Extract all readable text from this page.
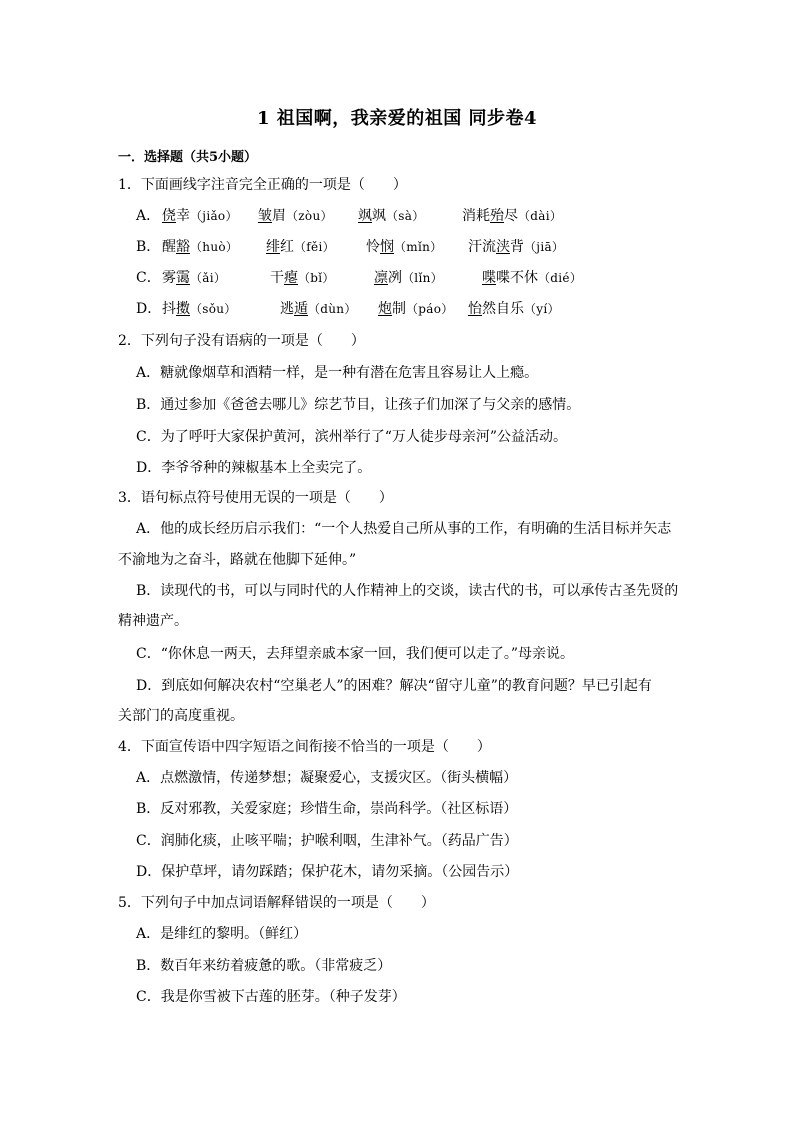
1 祖国啊，我亲爱的祖国 同步卷4
一．选择题（共5小题）
1．下面画线字注音完全正确的一项是（　　）
A． 侥幸（jiǎo） 皱眉（zòu） 飒飒（sà）	消耗殆尽（dài）
B． 醒豁（huò） 绯红（fěi） 怜悯（mǐn） 汗流浃背（jiā）
C． 雾霭（ǎi）	干瘪（bǐ）	凛冽（lǐn）	喋喋不休（dié）
D． 抖擞（sǒu）	逃遁（dùn） 炮制（páo） 怡然自乐（yí）
2．下列句子没有语病的一项是（　　）
A．糖就像烟草和酒精一样，是一种有潜在危害且容易让人上瘾。
B．通过参加《爸爸去哪儿》综艺节目，让孩子们加深了与父亲的感情。
C．为了呼吁大家保护黄河，滨州举行了“万人徒步母亲河”公益活动。
D．李爷爷种的辣椒基本上全卖完了。
3．语句标点符号使用无误的一项是（　　）
A．他的成长经历启示我们：“一个人热爱自己所从事的工作，有明确的生活目标并矢志
不渝地为之奋斗，路就在他脚下延伸。”
B．读现代的书，可以与同时代的人作精神上的交谈，读古代的书，可以承传古圣先贤的
精神遗产。
C．“你休息一两天，去拜望亲戚本家一回，我们便可以走了。”母亲说。
D．到底如何解决农村“空巢老人”的困难？解决“留守儿童”的教育问题？早已引起有
关部门的高度重视。
4．下面宣传语中四字短语之间衔接不恰当的一项是（　　）
A．点燃激情，传递梦想；凝聚爱心，支援灾区。（街头横幅）
B．反对邪教，关爱家庭；珍惜生命，崇尚科学。（社区标语）
C．润肺化痰，止咳平喘；护喉利咽，生津补气。（药品广告）
D．保护草坪，请勿踩踏；保护花木，请勿采摘。（公园告示）
5．下列句子中加点词语解释错误的一项是（　　）
A．是绯红的黎明。（鲜红）
B．数百年来纺着疲惫的歌。（非常疲乏）
C．我是你雪被下古莲的胚芽。（种子发芽）
